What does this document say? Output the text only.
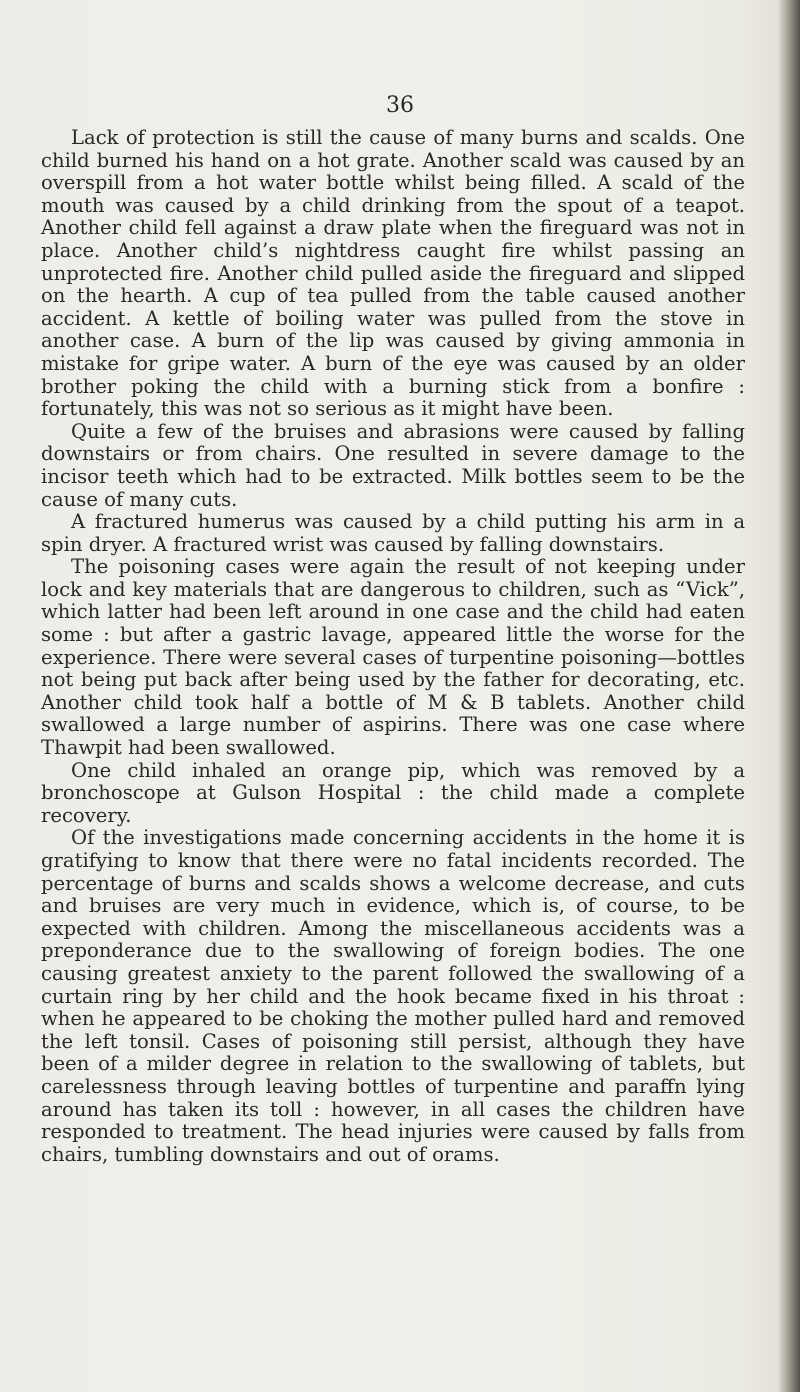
36

Lack of protection is still the cause of many burns and scalds. One child burned his hand on a hot grate. Another scald was caused by an overspill from a hot water bottle whilst being filled. A scald of the mouth was caused by a child drinking from the spout of a teapot. Another child fell against a draw plate when the fireguard was not in place. Another child’s nightdress caught fire whilst passing an unprotected fire. Another child pulled aside the fireguard and slipped on the hearth. A cup of tea pulled from the table caused another accident. A kettle of boiling water was pulled from the stove in another case. A burn of the lip was caused by giving ammonia in mistake for gripe water. A burn of the eye was caused by an older brother poking the child with a burning stick from a bonfire : fortunately, this was not so serious as it might have been.

Quite a few of the bruises and abrasions were caused by falling downstairs or from chairs. One resulted in severe damage to the incisor teeth which had to be extracted. Milk bottles seem to be the cause of many cuts.

A fractured humerus was caused by a child putting his arm in a spin dryer. A fractured wrist was caused by falling downstairs.

The poisoning cases were again the result of not keeping under lock and key materials that are dangerous to children, such as “Vick”, which latter had been left around in one case and the child had eaten some : but after a gastric lavage, appeared little the worse for the experience. There were several cases of turpentine poisoning—bottles not being put back after being used by the father for decorating, etc. Another child took half a bottle of M & B tablets. Another child swallowed a large number of aspirins. There was one case where Thawpit had been swallowed.

One child inhaled an orange pip, which was removed by a bronchoscope at Gulson Hospital : the child made a complete recovery.

Of the investigations made concerning accidents in the home it is gratifying to know that there were no fatal incidents recorded. The percentage of burns and scalds shows a welcome decrease, and cuts and bruises are very much in evidence, which is, of course, to be expected with children. Among the miscellaneous accidents was a preponderance due to the swallowing of foreign bodies. The one causing greatest anxiety to the parent followed the swallowing of a curtain ring by her child and the hook became fixed in his throat : when he appeared to be choking the mother pulled hard and removed the left tonsil. Cases of poisoning still persist, although they have been of a milder degree in relation to the swallowing of tablets, but carelessness through leaving bottles of turpentine and paraffn lying around has taken its toll : however, in all cases the children have responded to treatment. The head injuries were caused by falls from chairs, tumbling downstairs and out of orams.
